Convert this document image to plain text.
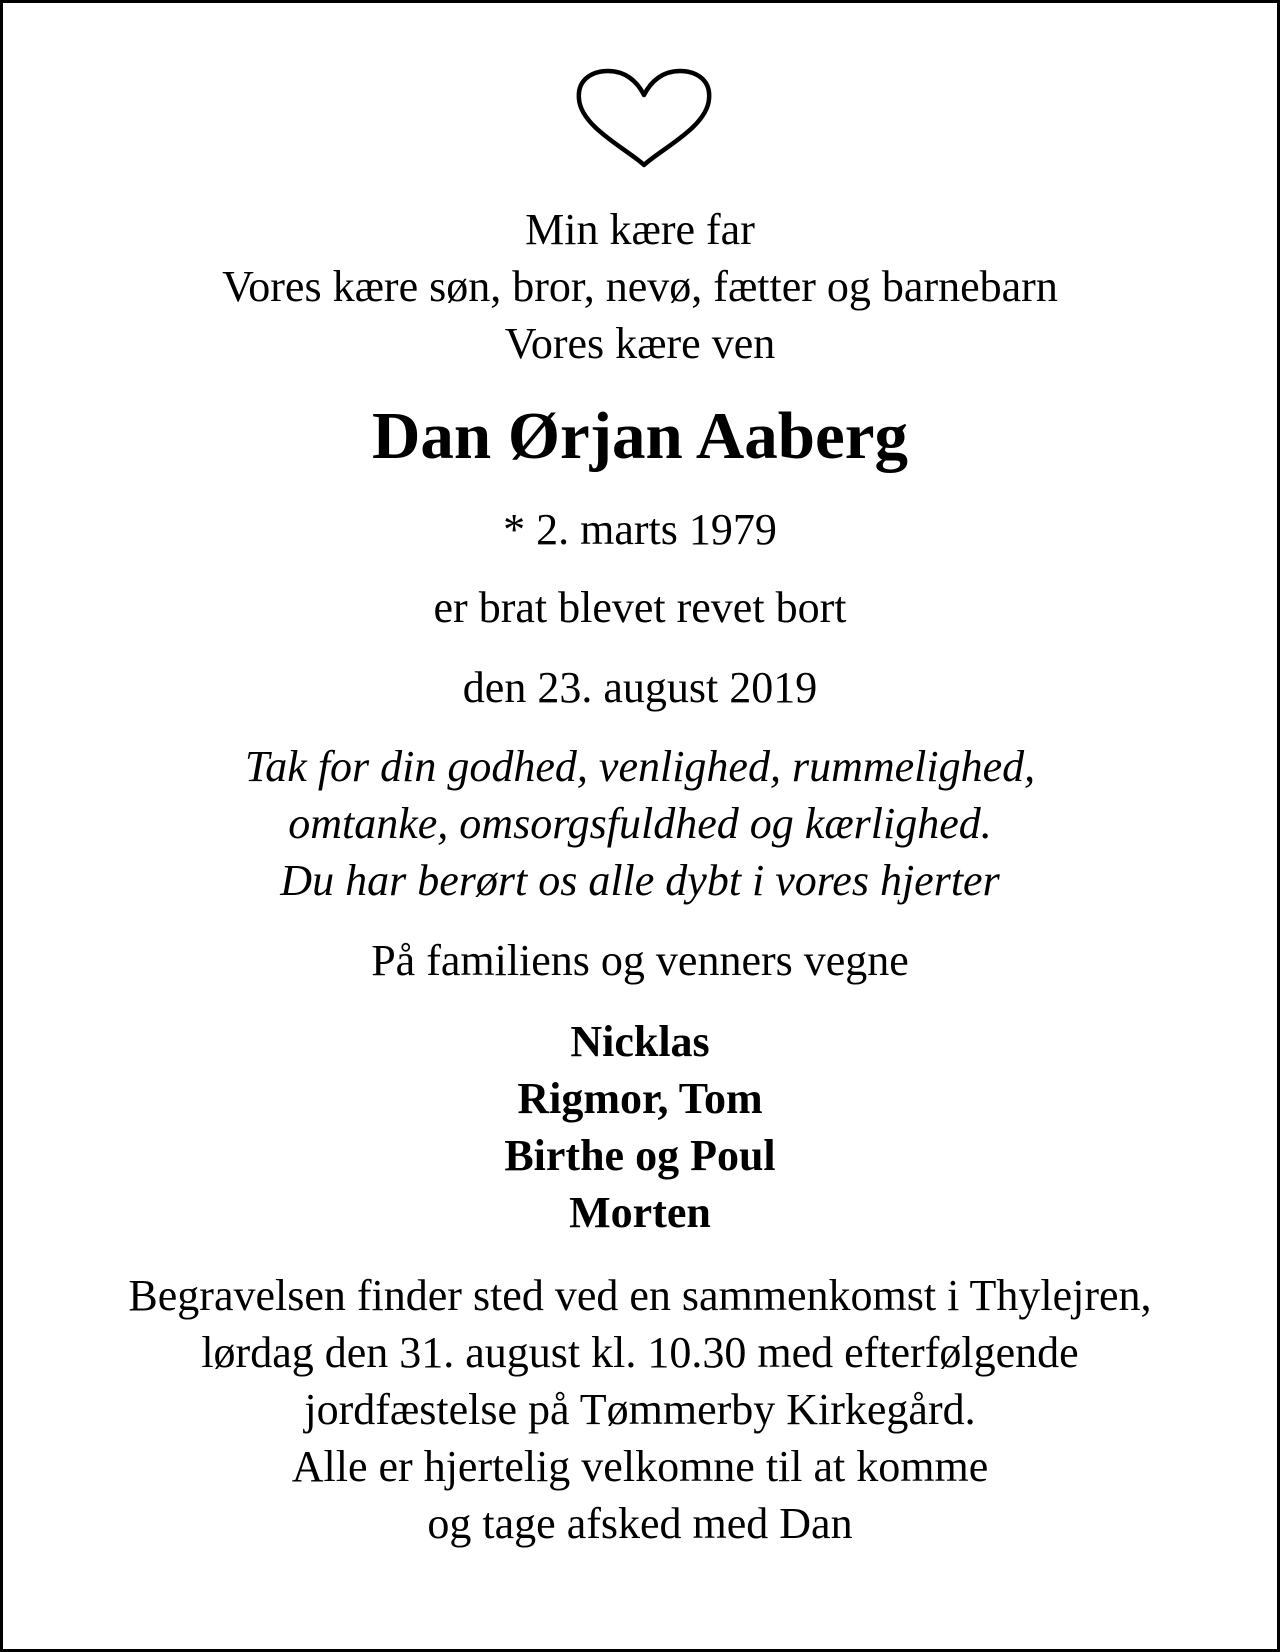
Min kære far
Vores kære søn, bror, nevø, fætter og barnebarn
Vores kære ven
Dan Ørjan Aaberg
* 2. marts 1979
er brat blevet revet bort
den 23. august 2019
Tak for din godhed, venlighed, rummelighed,
omtanke, omsorgsfuldhed og kærlighed.
Du har berørt os alle dybt i vores hjerter
På familiens og venners vegne
Nicklas
Rigmor, Tom
Birthe og Poul
Morten
Begravelsen finder sted ved en sammenkomst i Thylejren,
lørdag den 31. august kl. 10.30 med efterfølgende
jordfæstelse på Tømmerby Kirkegård.
Alle er hjertelig velkomne til at komme
og tage afsked med Dan
